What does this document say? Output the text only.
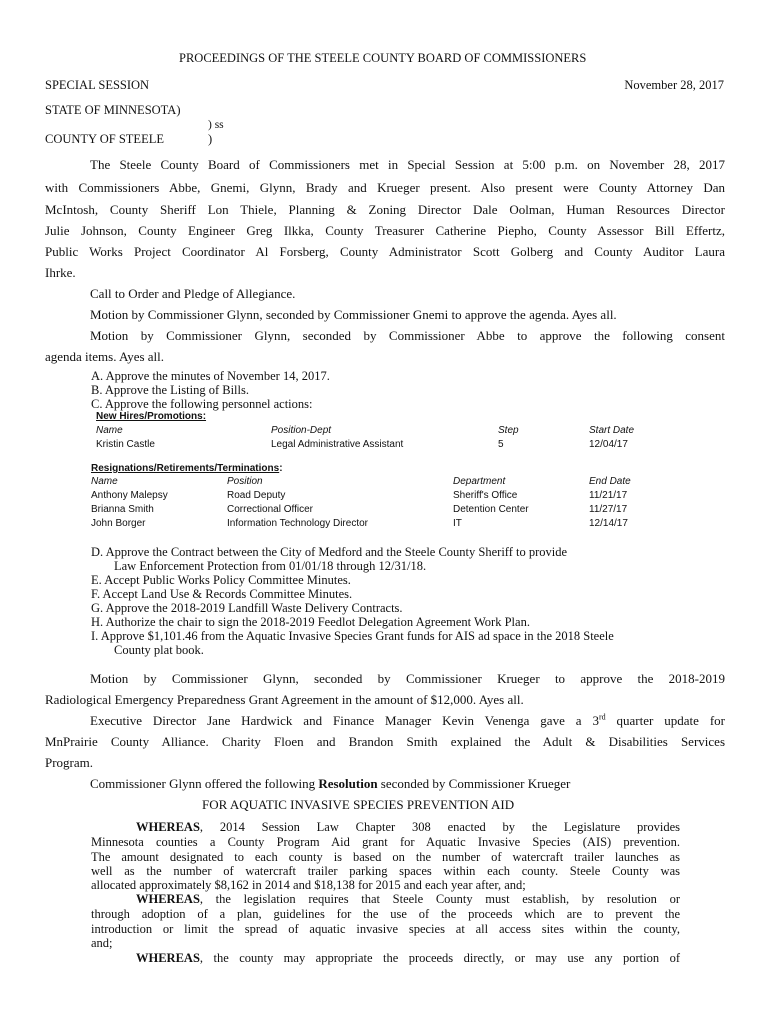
PROCEEDINGS OF THE STEELE COUNTY BOARD OF COMMISSIONERS
SPECIAL SESSION	November 28, 2017
STATE OF MINNESOTA)
) ss
COUNTY OF STEELE	)
The Steele County Board of Commissioners met in Special Session at 5:00 p.m. on November 28, 2017
with Commissioners Abbe, Gnemi, Glynn, Brady and Krueger present. Also present were County Attorney Dan
McIntosh, County Sheriff Lon Thiele, Planning & Zoning Director Dale Oolman, Human Resources Director
Julie Johnson, County Engineer Greg Ilkka, County Treasurer Catherine Piepho, County Assessor Bill Effertz,
Public Works Project Coordinator Al Forsberg, County Administrator Scott Golberg and County Auditor Laura
Ihrke.
Call to Order and Pledge of Allegiance.
Motion by Commissioner Glynn, seconded by Commissioner Gnemi to approve the agenda. Ayes all.
Motion by Commissioner Glynn, seconded by Commissioner Abbe to approve the following consent
agenda items. Ayes all.
A. Approve the minutes of November 14, 2017.
B. Approve the Listing of Bills.
C. Approve the following personnel actions:
New Hires/Promotions:
Name	Position-Dept	Step	Start Date
Kristin Castle	Legal Administrative Assistant	5	12/04/17
Resignations/Retirements/Terminations:
Name	Position	Department	End Date
Anthony Malepsy	Road Deputy	Sheriff's Office	11/21/17
Brianna Smith	Correctional Officer	Detention Center	11/27/17
John Borger	Information Technology Director	IT	12/14/17
D. Approve the Contract between the City of Medford and the Steele County Sheriff to provide
Law Enforcement Protection from 01/01/18 through 12/31/18.
E. Accept Public Works Policy Committee Minutes.
F. Accept Land Use & Records Committee Minutes.
G. Approve the 2018-2019 Landfill Waste Delivery Contracts.
H. Authorize the chair to sign the 2018-2019 Feedlot Delegation Agreement Work Plan.
I. Approve $1,101.46 from the Aquatic Invasive Species Grant funds for AIS ad space in the 2018 Steele
County plat book.
Motion by Commissioner Glynn, seconded by Commissioner Krueger to approve the 2018-2019
Radiological Emergency Preparedness Grant Agreement in the amount of $12,000. Ayes all.
Executive Director Jane Hardwick and Finance Manager Kevin Venenga gave a 3rd quarter update for
MnPrairie County Alliance. Charity Floen and Brandon Smith explained the Adult & Disabilities Services
Program.
Commissioner Glynn offered the following Resolution seconded by Commissioner Krueger
FOR AQUATIC INVASIVE SPECIES PREVENTION AID
WHEREAS, 2014 Session Law Chapter 308 enacted by the Legislature provides
Minnesota counties a County Program Aid grant for Aquatic Invasive Species (AIS) prevention.
The amount designated to each county is based on the number of watercraft trailer launches as
well as the number of watercraft trailer parking spaces within each county. Steele County was
allocated approximately $8,162 in 2014 and $18,138 for 2015 and each year after, and;
WHEREAS, the legislation requires that Steele County must establish, by resolution or
through adoption of a plan, guidelines for the use of the proceeds which are to prevent the
introduction or limit the spread of aquatic invasive species at all access sites within the county,
and;
WHEREAS, the county may appropriate the proceeds directly, or may use any portion of
